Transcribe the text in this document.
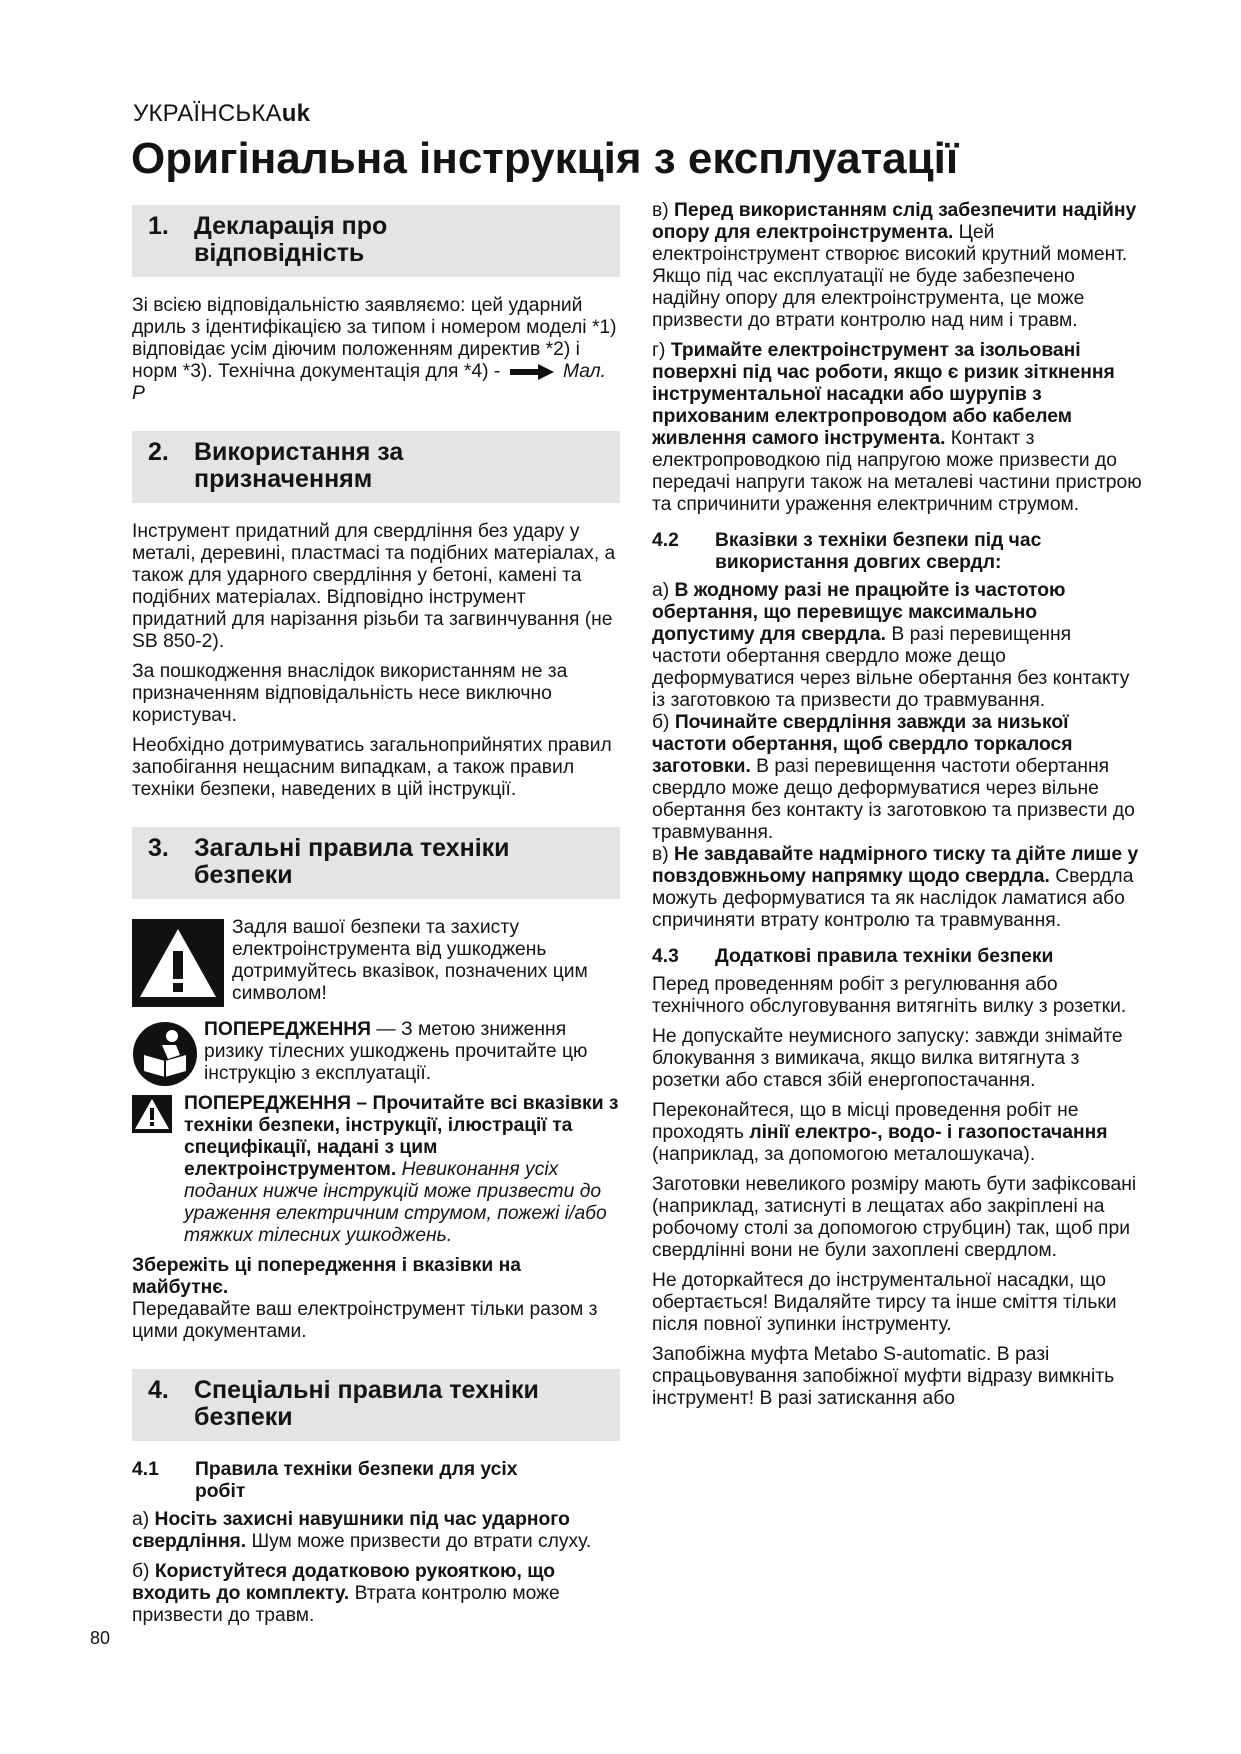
УКРАЇНСЬКАuk
Оригінальна інструкція з експлуатації
1. Декларація про
відповідність

Зі всією відповідальністю заявляємо: цей ударний дриль з ідентифікацією за типом і номером моделі *1) відповідає усім діючим положенням директив *2) і норм *3). Технічна документація для *4) -	Мал. P

2. Використання за
призначенням

Інструмент придатний для свердління без удару у металі, деревині, пластмасі та подібних матеріалах, а також для ударного свердління у бетоні, камені та подібних матеріалах. Відповідно інструмент придатний для нарізання різьби та загвинчування (не SB 850-2).

За пошкодження внаслідок використанням не за призначенням відповідальність несе виключно користувач.

Необхідно дотримуватись загальноприйнятих правил запобігання нещасним випадкам, а також правил техніки безпеки, наведених в цій інструкції.

3. Загальні правила техніки
безпеки
Задля вашої безпеки та захисту електроінструмента від ушкоджень дотримуйтесь вказівок, позначених цим символом!
ПОПЕРЕДЖЕННЯ — З метою зниження ризику тілесних ушкоджень прочитайте цю інструкцію з експлуатації.
ПОПЕРЕДЖЕННЯ – Прочитайте всі вказівки з техніки безпеки, інструкції, ілюстрації та специфікації, надані з цим електроінструментом. Невиконання усіх поданих нижче інструкцій може призвести до ураження електричним струмом, пожежі і/або тяжких тілесних ушкоджень.

Збережіть ці попередження і вказівки на майбутнє.

Передавайте ваш електроінструмент тільки разом з цими документами.

4. Спеціальні правила техніки
безпеки
4.1 Правила техніки безпеки для усіх
робіт

а) Носіть захисні навушники під час ударного свердління. Шум може призвести до втрати слуху.

б) Користуйтеся додатковою рукояткою, що входить до комплекту. Втрата контролю може призвести до травм.

в) Перед використанням слід забезпечити надійну опору для електроінструмента. Цей електроінструмент створює високий крутний момент. Якщо під час експлуатації не буде забезпечено надійну опору для електроінструмента, це може призвести до втрати контролю над ним і травм.

г) Тримайте електроінструмент за ізольовані поверхні під час роботи, якщо є ризик зіткнення інструментальної насадки або шурупів з прихованим електропроводом або кабелем живлення самого інструмента. Контакт з електропроводкою під напругою може призвести до передачі напруги також на металеві частини пристрою та спричинити ураження електричним струмом.

4.2 Вказівки з техніки безпеки під час
використання довгих свердл:

а) В жодному разі не працюйте із частотою обертання, що перевищує максимально допустиму для свердла. В разі перевищення частоти обертання свердло може дещо деформуватися через вільне обертання без контакту із заготовкою та призвести до травмування.

б) Починайте свердління завжди за низької частоти обертання, щоб свердло торкалося заготовки. В разі перевищення частоти обертання свердло може дещо деформуватися через вільне обертання без контакту із заготовкою та призвести до травмування.

в) Не завдавайте надмірного тиску та дійте лише у повздовжньому напрямку щодо свердла. Свердла можуть деформуватися та як наслідок ламатися або спричиняти втрату контролю та травмування.

4.3 Додаткові правила техніки безпеки

Перед проведенням робіт з регулювання або технічного обслуговування витягніть вилку з розетки.

Не допускайте неумисного запуску: завжди знімайте блокування з вимикача, якщо вилка витягнута з розетки або стався збій енергопостачання.

Переконайтеся, що в місці проведення робіт не проходять лінії електро-, водо- і газопостачання (наприклад, за допомогою металошукача).

Заготовки невеликого розміру мають бути зафіксовані (наприклад, затиснуті в лещатах або закріплені на робочому столі за допомогою струбцин) так, щоб при свердлінні вони не були захоплені свердлом.

Не доторкайтеся до інструментальної насадки, що обертається! Видаляйте тирсу та інше сміття тільки після повної зупинки інструменту.

Запобіжна муфта Metabo S-automatic. В разі спрацьовування запобіжної муфти відразу вимкніть інструмент! В разі затискання або

80
